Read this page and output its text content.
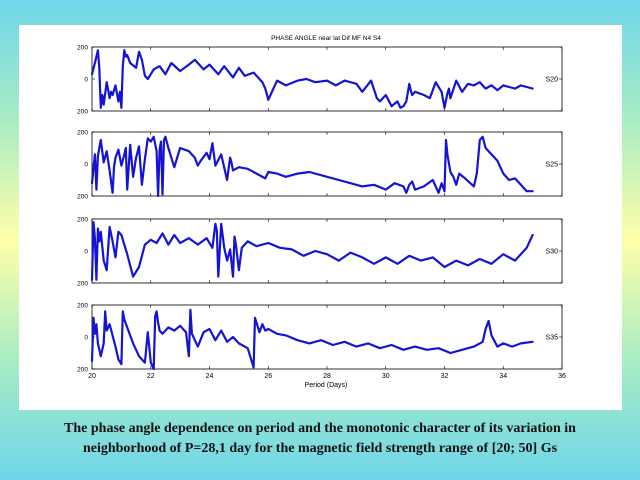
PHASE ANGLE near lat Dif MF N4 S4
200
0
200
S20
200
0
200
S25
200
0
200
S30
200
0
200
S35
20	22	24	26	28	30	32	34	36
Period (Days)
The phase angle dependence on period and the monotonic character of its variation in
neighborhood of P=28,1 day for the magnetic field strength range of [20; 50] Gs
